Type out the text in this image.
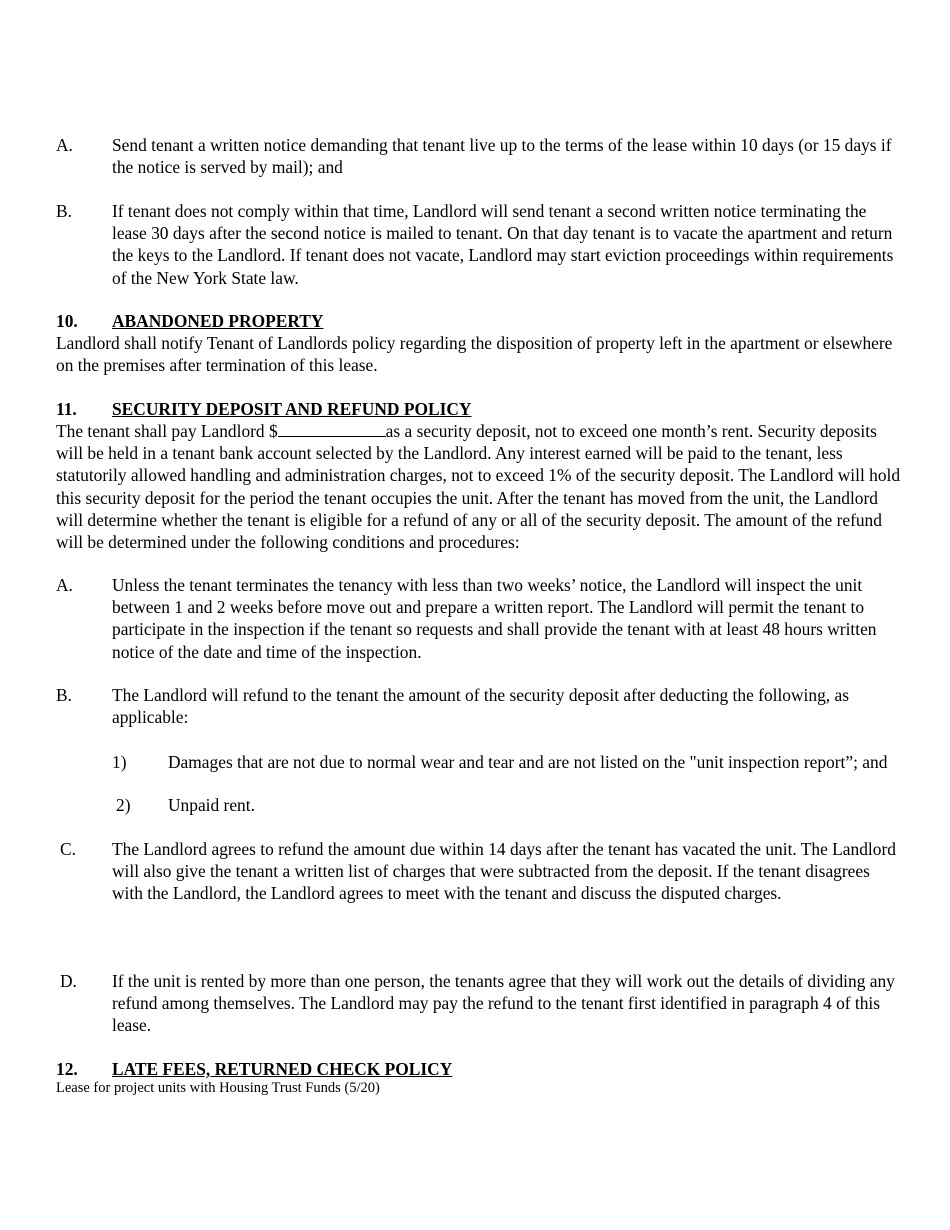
A. Send tenant a written notice demanding that tenant live up to the terms of the lease within 10 days (or 15 days if the notice is served by mail); and
B. If tenant does not comply within that time, Landlord will send tenant a second written notice terminating the lease 30 days after the second notice is mailed to tenant. On that day tenant is to vacate the apartment and return the keys to the Landlord. If tenant does not vacate, Landlord may start eviction proceedings within requirements of the New York State law.
10. ABANDONED PROPERTY
Landlord shall notify Tenant of Landlords policy regarding the disposition of property left in the apartment or elsewhere on the premises after termination of this lease.
11. SECURITY DEPOSIT AND REFUND POLICY
The tenant shall pay Landlord $	as a security deposit, not to exceed one month’s rent. Security deposits will be held in a tenant bank account selected by the Landlord. Any interest earned will be paid to the tenant, less statutorily allowed handling and administration charges, not to exceed 1% of the security deposit. The Landlord will hold this security deposit for the period the tenant occupies the unit. After the tenant has moved from the unit, the Landlord will determine whether the tenant is eligible for a refund of any or all of the security deposit. The amount of the refund will be determined under the following conditions and procedures:
A. Unless the tenant terminates the tenancy with less than two weeks’ notice, the Landlord will inspect the unit between 1 and 2 weeks before move out and prepare a written report. The Landlord will permit the tenant to participate in the inspection if the tenant so requests and shall provide the tenant with at least 48 hours written notice of the date and time of the inspection.
B. The Landlord will refund to the tenant the amount of the security deposit after deducting the following, as applicable:
1) Damages that are not due to normal wear and tear and are not listed on the "unit inspection report”; and
2) Unpaid rent.
C. The Landlord agrees to refund the amount due within 14 days after the tenant has vacated the unit. The Landlord will also give the tenant a written list of charges that were subtracted from the deposit. If the tenant disagrees with the Landlord, the Landlord agrees to meet with the tenant and discuss the disputed charges.
D. If the unit is rented by more than one person, the tenants agree that they will work out the details of dividing any refund among themselves. The Landlord may pay the refund to the tenant first identified in paragraph 4 of this lease.
12. LATE FEES, RETURNED CHECK POLICY
Lease for project units with Housing Trust Funds (5/20)
